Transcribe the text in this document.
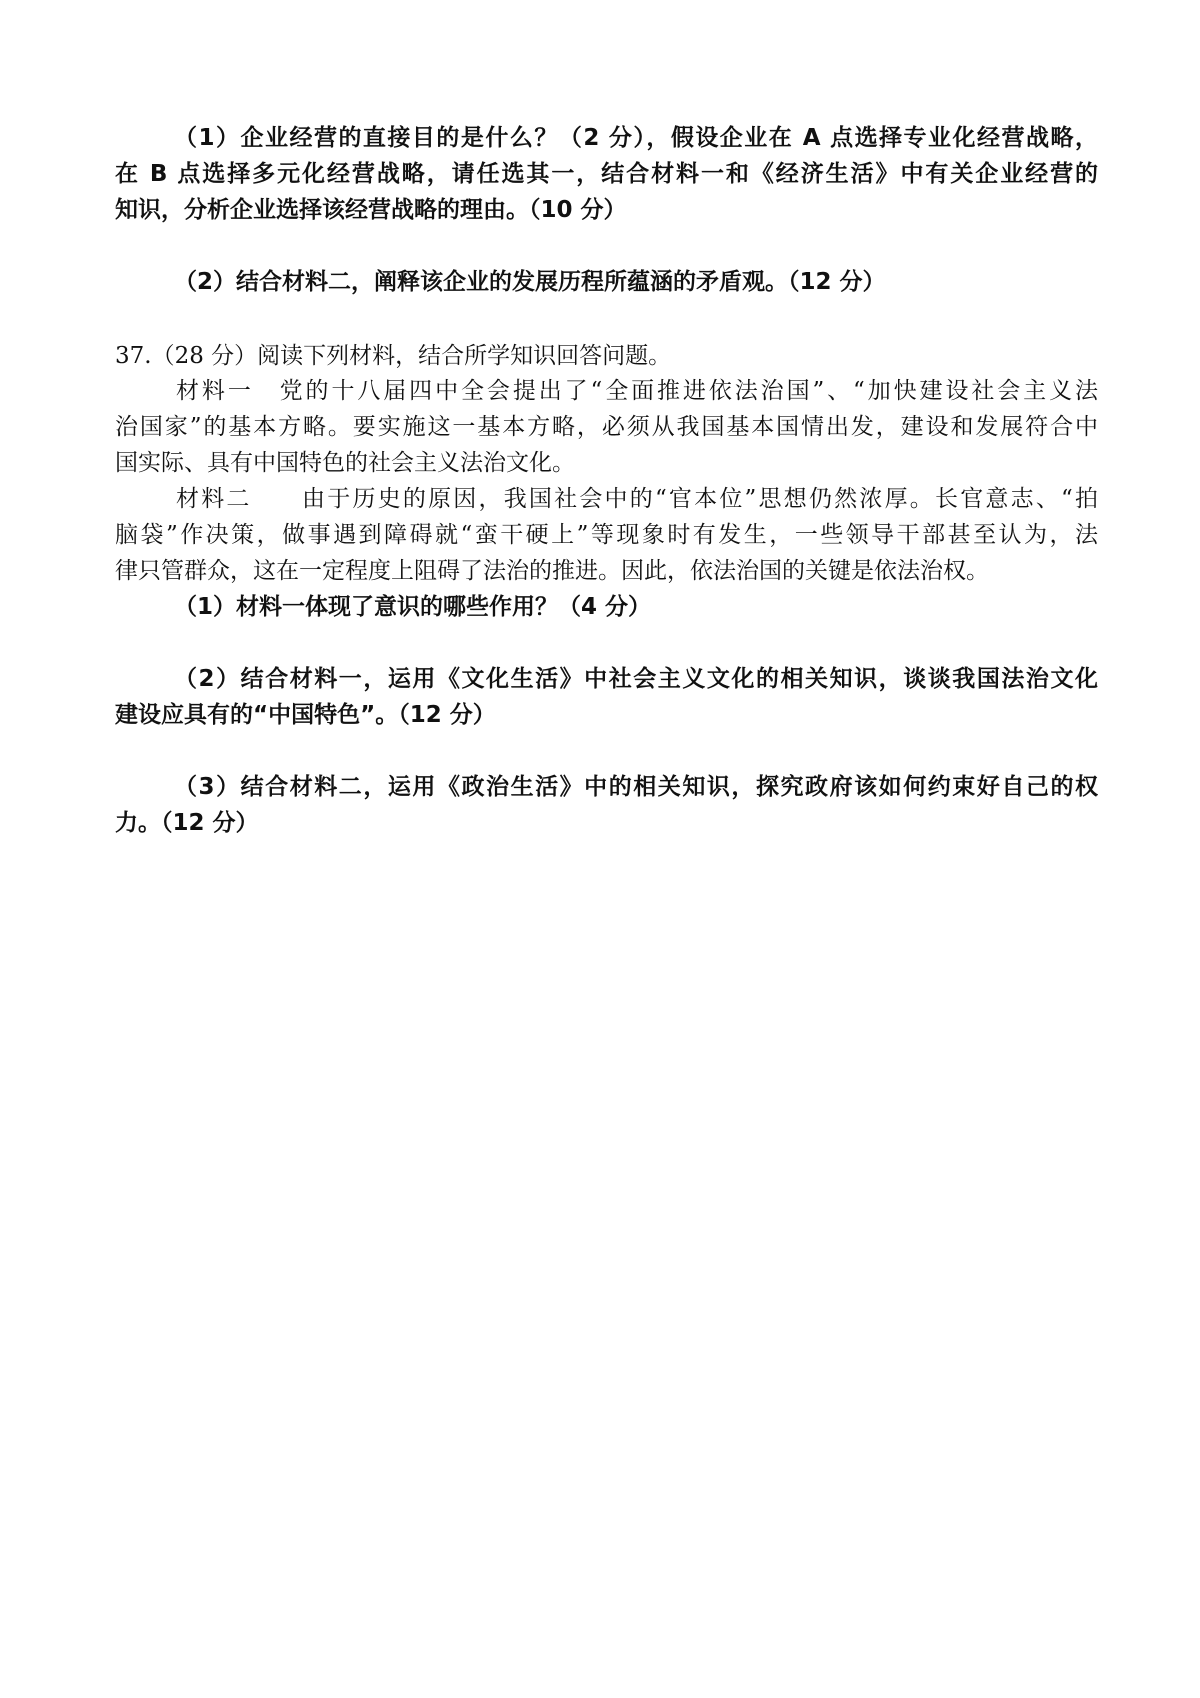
（1）企业经营的直接目的是什么？（2 分），假设企业在 A 点选择专业化经营战略，
在 B 点选择多元化经营战略，请任选其一，结合材料一和《经济生活》中有关企业经营的
知识，分析企业选择该经营战略的理由。（10 分）
（2）结合材料二，阐释该企业的发展历程所蕴涵的矛盾观。（12 分）
37.（28 分）阅读下列材料，结合所学知识回答问题。
材料一　党的十八届四中全会提出了“全面推进依法治国”、“加快建设社会主义法
治国家”的基本方略。要实施这一基本方略，必须从我国基本国情出发，建设和发展符合中
国实际、具有中国特色的社会主义法治文化。
材料二　　由于历史的原因，我国社会中的“官本位”思想仍然浓厚。长官意志、“拍
脑袋”作决策，做事遇到障碍就“蛮干硬上”等现象时有发生，一些领导干部甚至认为，法
律只管群众，这在一定程度上阻碍了法治的推进。因此，依法治国的关键是依法治权。
（1）材料一体现了意识的哪些作用？（4 分）
（2）结合材料一，运用《文化生活》中社会主义文化的相关知识，谈谈我国法治文化
建设应具有的“中国特色”。（12 分）
（3）结合材料二，运用《政治生活》中的相关知识，探究政府该如何约束好自己的权
力。（12 分）
